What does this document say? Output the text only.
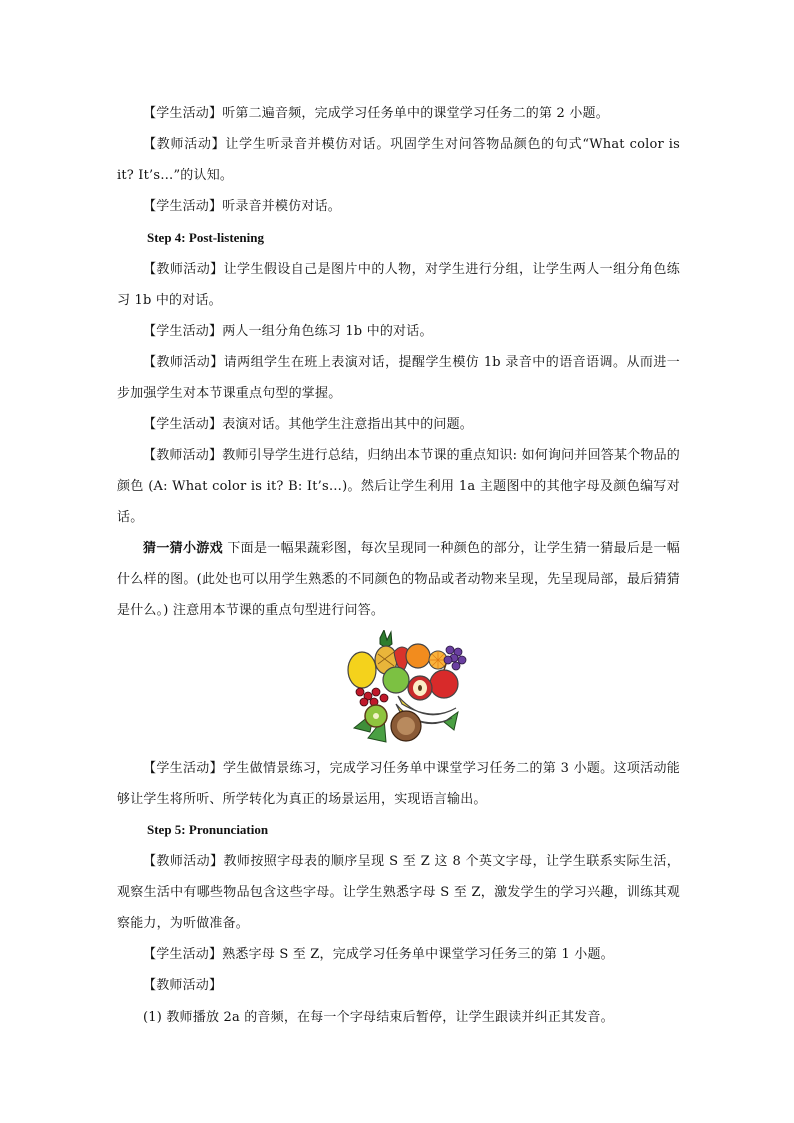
【学生活动】听第二遍音频，完成学习任务单中的课堂学习任务二的第 2 小题。

【教师活动】让学生听录音并模仿对话。巩固学生对问答物品颜色的句式“What color is it? It’s…”的认知。

【学生活动】听录音并模仿对话。

Step 4: Post-listening

【教师活动】让学生假设自己是图片中的人物，对学生进行分组，让学生两人一组分角色练习 1b 中的对话。

【学生活动】两人一组分角色练习 1b 中的对话。

【教师活动】请两组学生在班上表演对话，提醒学生模仿 1b 录音中的语音语调。从而进一步加强学生对本节课重点句型的掌握。

【学生活动】表演对话。其他学生注意指出其中的问题。

【教师活动】教师引导学生进行总结，归纳出本节课的重点知识: 如何询问并回答某个物品的颜色 (A: What color is it? B: It’s…)。然后让学生利用 1a 主题图中的其他字母及颜色编写对话。

猜一猜小游戏 下面是一幅果蔬彩图，每次呈现同一种颜色的部分，让学生猜一猜最后是一幅什么样的图。(此处也可以用学生熟悉的不同颜色的物品或者动物来呈现，先呈现局部，最后猜猜是什么。) 注意用本节课的重点句型进行问答。

【学生活动】学生做情景练习，完成学习任务单中课堂学习任务二的第 3 小题。这项活动能够让学生将所听、所学转化为真正的场景运用，实现语言输出。

Step 5: Pronunciation

【教师活动】教师按照字母表的顺序呈现 S 至 Z 这 8 个英文字母，让学生联系实际生活，观察生活中有哪些物品包含这些字母。让学生熟悉字母 S 至 Z，激发学生的学习兴趣，训练其观察能力，为听做准备。

【学生活动】熟悉字母 S 至 Z，完成学习任务单中课堂学习任务三的第 1 小题。

【教师活动】

(1) 教师播放 2a 的音频，在每一个字母结束后暂停，让学生跟读并纠正其发音。
